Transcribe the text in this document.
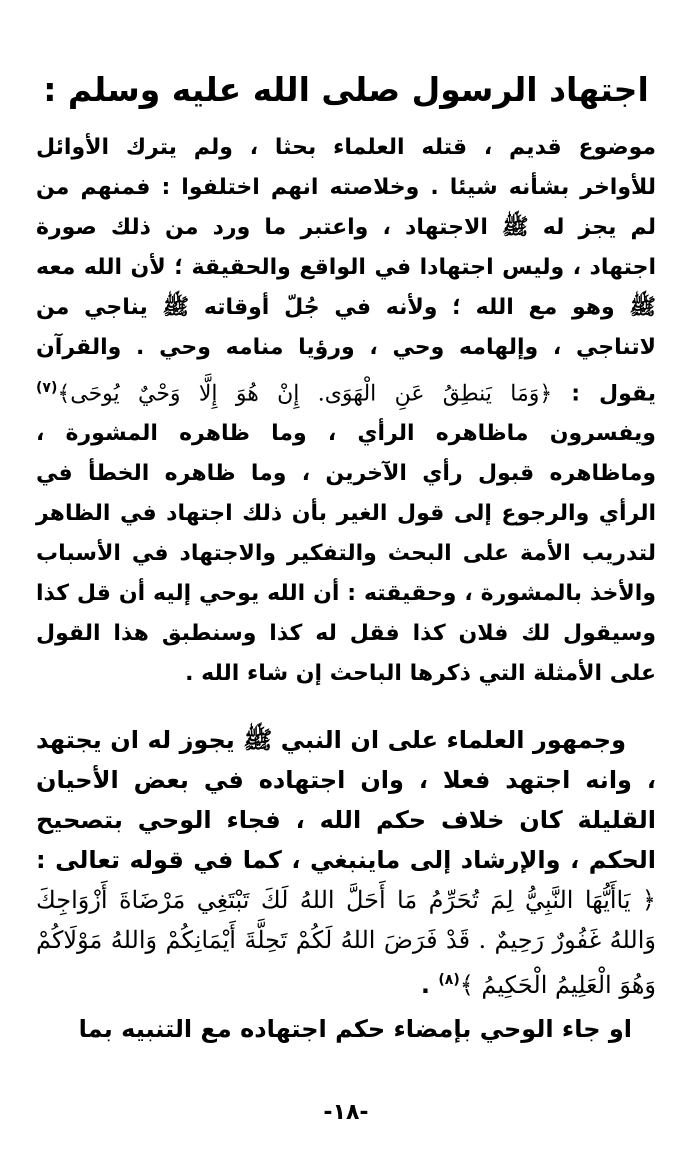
اجتهاد الرسول صلى الله عليه وسلم :

موضوع قديم ، قتله العلماء بحثا ، ولم يترك الأوائل للأواخر بشأنه شيئا . وخلاصته انهم اختلفوا : فمنهم من لم يجز له ﷺ الاجتهاد ، واعتبر ما ورد من ذلك صورة اجتهاد ، وليس اجتهادا في الواقع والحقيقة ؛ لأن الله معه ﷺ وهو مع الله ؛ ولأنه في جُلّ أوقاته ﷺ يناجي من لاتناجي ، وإلهامه وحي ، ورؤيا منامه وحي . والقرآن يقول : ﴿وَمَا يَنطِقُ عَنِ الْهَوَى. إِنْ هُوَ إِلَّا وَحْيٌ يُوحَى﴾$^{(٧)}$ ويفسرون ماظاهره الرأي ، وما ظاهره المشورة ، وماظاهره قبول رأي الآخرين ، وما ظاهره الخطأ في الرأي والرجوع إلى قول الغير بأن ذلك اجتهاد في الظاهر لتدريب الأمة على البحث والتفكير والاجتهاد في الأسباب والأخذ بالمشورة ، وحقيقته : أن الله يوحي إليه أن قل كذا وسيقول لك فلان كذا فقل له كذا وسنطبق هذا القول على الأمثلة التي ذكرها الباحث إن شاء الله .

وجمهور العلماء على ان النبي ﷺ يجوز له ان يجتهد ، وانه اجتهد فعلا ، وان اجتهاده في بعض الأحيان القليلة كان خلاف حكم الله ، فجاء الوحي بتصحيح الحكم ، والإرشاد إلى ماينبغي ، كما في قوله تعالى : ﴿ يَاأَيُّهَا النَّبِيُّ لِمَ تُحَرِّمُ مَا أَحَلَّ اللهُ لَكَ تَبْتَغِي مَرْضَاةَ أَزْوَاجِكَ وَاللهُ غَفُورٌ رَحِيمٌ . قَدْ فَرَضَ اللهُ لَكُمْ تَحِلَّةَ أَيْمَانِكُمْ وَاللهُ مَوْلَاكُمْ وَهُوَ الْعَلِيمُ الْحَكِيمُ ﴾$^{(٨)}$ .

او جاء الوحي بإمضاء حكم اجتهاده مع التنبيه بما

-١٨-
